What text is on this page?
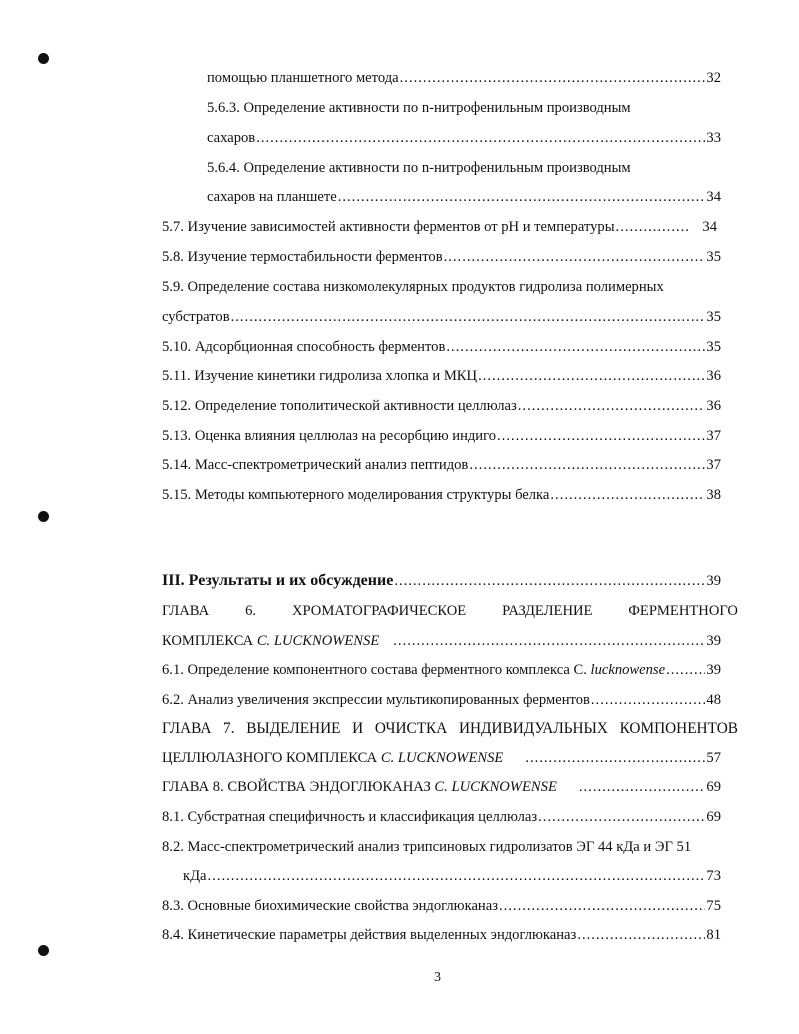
помощью планшетного метода .....	32
5.6.3. Определение активности по n-нитрофенильным производным
сахаров .....	33
5.6.4. Определение активности по n-нитрофенильным производным
сахаров на планшете .....	34
5.7. Изучение зависимостей активности ферментов от pH и температуры .....	34
5.8. Изучение термостабильности ферментов .....	35
5.9. Определение состава низкомолекулярных продуктов гидролиза полимерных
субстратов .....	35
5.10. Адсорбционная способность ферментов .....	35
5.11. Изучение кинетики гидролиза хлопка и МКЦ .....	36
5.12. Определение тополитической активности целлюлаз .....	36
5.13. Оценка влияния целлюлаз на ресорбцию индиго .....	37
5.14. Масс-спектрометрический анализ пептидов .....	37
5.15. Методы компьютерного моделирования структуры белка .....	38
III. Результаты и их обсуждение .....	39
ГЛАВА 6. ХРОМАТОГРАФИЧЕСКОЕ РАЗДЕЛЕНИЕ ФЕРМЕНТНОГО
КОМПЛЕКСА C. LUCKNOWENSE .....	39
6.1. Определение компонентного состава ферментного комплекса C. lucknowense .....	39
6.2. Анализ увеличения экспрессии мультикопированных ферментов .....	48
ГЛАВА 7. ВЫДЕЛЕНИЕ И ОЧИСТКА ИНДИВИДУАЛЬНЫХ КОМПОНЕНТОВ
ЦЕЛЛЮЛАЗНОГО КОМПЛЕКСА C. LUCKNOWENSE .....	57
ГЛАВА 8. СВОЙСТВА ЭНДОГЛЮКАНАЗ C. LUCKNOWENSE .....	69
8.1. Субстратная специфичность и классификация целлюлаз .....	69
8.2. Масс-спектрометрический анализ трипсиновых гидролизатов ЭГ 44 кДа и ЭГ 51
кДа .....	73
8.3. Основные биохимические свойства эндоглюканаз .....	75
8.4. Кинетические параметры действия выделенных эндоглюканаз .....	81
3
